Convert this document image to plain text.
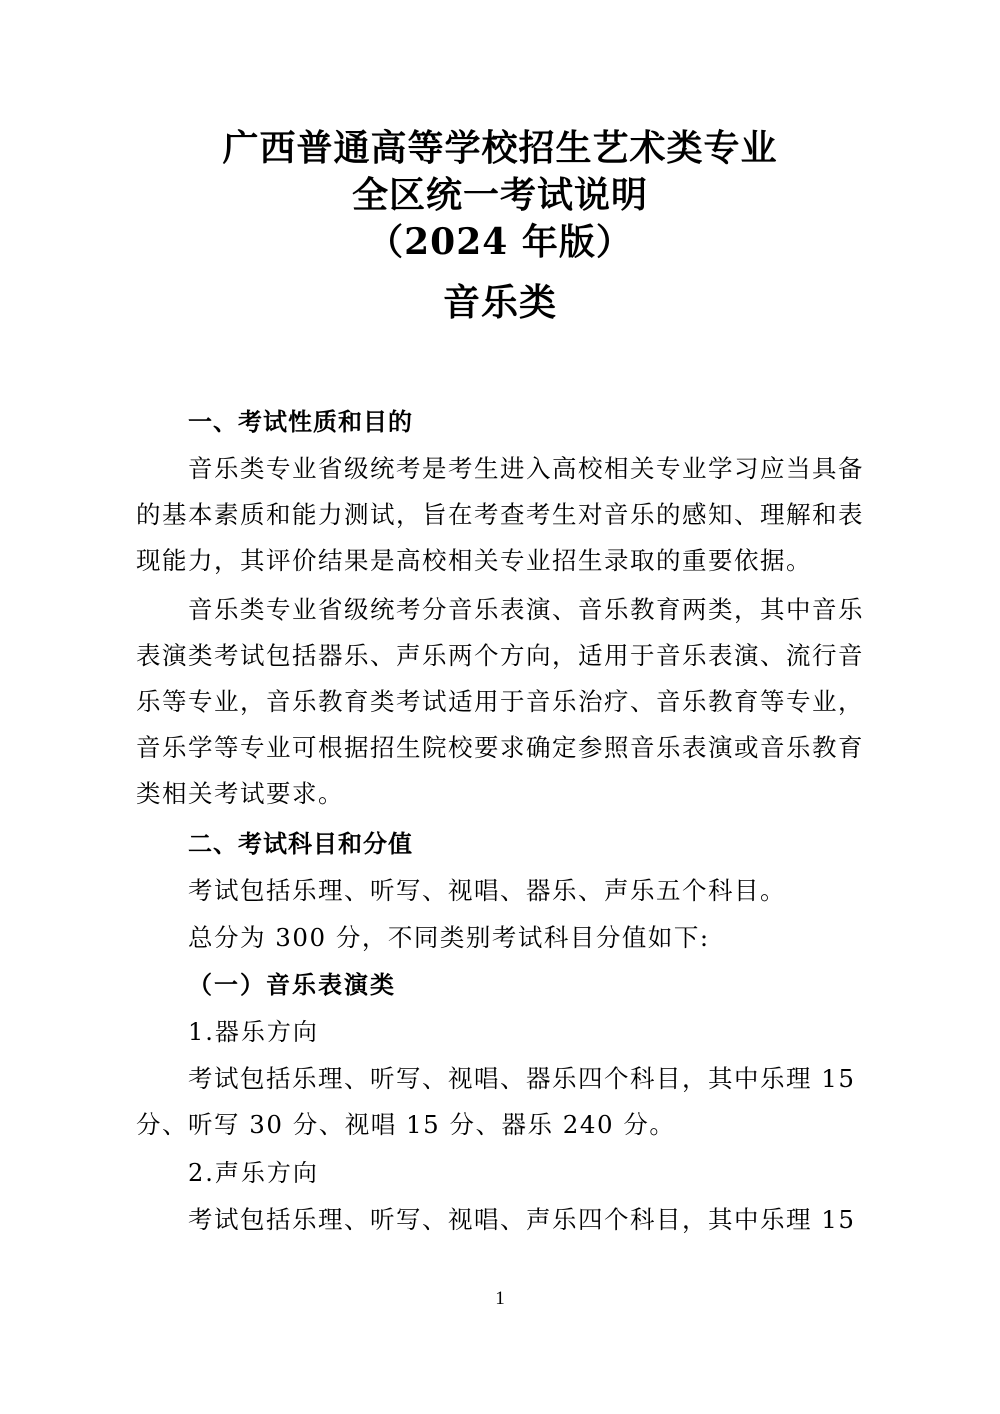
广西普通高等学校招生艺术类专业
全区统一考试说明
（2024 年版）
音乐类

一、考试性质和目的

音乐类专业省级统考是考生进入高校相关专业学习应当具备的基本素质和能力测试，旨在考查考生对音乐的感知、理解和表现能力，其评价结果是高校相关专业招生录取的重要依据。

音乐类专业省级统考分音乐表演、音乐教育两类，其中音乐表演类考试包括器乐、声乐两个方向，适用于音乐表演、流行音乐等专业，音乐教育类考试适用于音乐治疗、音乐教育等专业，音乐学等专业可根据招生院校要求确定参照音乐表演或音乐教育类相关考试要求。

二、考试科目和分值

考试包括乐理、听写、视唱、器乐、声乐五个科目。

总分为 300 分，不同类别考试科目分值如下:

（一）音乐表演类

1.器乐方向

考试包括乐理、听写、视唱、器乐四个科目，其中乐理 15 分、听写 30 分、视唱 15 分、器乐 240 分。

2.声乐方向

考试包括乐理、听写、视唱、声乐四个科目，其中乐理 15

1
